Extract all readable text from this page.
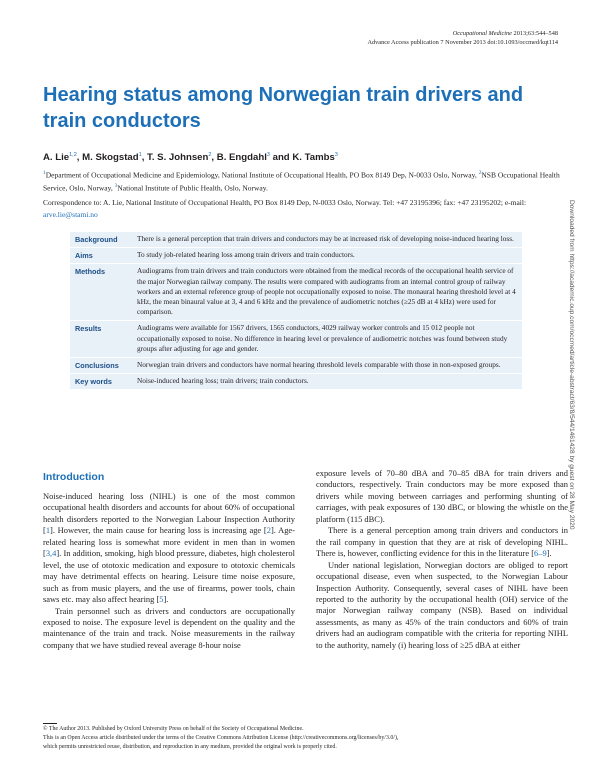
Occupational Medicine 2013;63:544–548
Advance Access publication 7 November 2013 doi:10.1093/occmed/kqt114
Hearing status among Norwegian train drivers and train conductors
A. Lie$^{1,2}$, M. Skogstad$^1$, T. S. Johnsen$^2$, B. Engdahl$^3$ and K. Tambs$^3$
$^1$Department of Occupational Medicine and Epidemiology, National Institute of Occupational Health, PO Box 8149 Dep, N-0033 Oslo, Norway, $^2$NSB Occupational Health Service, Oslo, Norway, $^3$National Institute of Public Health, Oslo, Norway.
Correspondence to: A. Lie, National Institute of Occupational Health, PO Box 8149 Dep, N-0033 Oslo, Norway. Tel: +47 23195396; fax: +47 23195202; e-mail: arve.lie@stami.no
Background	There is a general perception that train drivers and conductors may be at increased risk of developing noise-induced hearing loss.
Aims	To study job-related hearing loss among train drivers and train conductors.
Methods	Audiograms from train drivers and train conductors were obtained from the medical records of the occupational health service of the major Norwegian railway company. The results were compared with audiograms from an internal control group of railway workers and an external reference group of people not occupationally exposed to noise. The monaural hearing threshold level at 4 kHz, the mean binaural value at 3, 4 and 6 kHz and the prevalence of audiometric notches (≥25 dB at 4 kHz) were used for comparison.
Results	Audiograms were available for 1567 drivers, 1565 conductors, 4029 railway worker controls and 15 012 people not occupationally exposed to noise. No difference in hearing level or prevalence of audiometric notches was found between study groups after adjusting for age and gender.
Conclusions	Norwegian train drivers and conductors have normal hearing threshold levels comparable with those in non-exposed groups.
Key words	Noise-induced hearing loss; train drivers; train conductors.
Introduction

Noise-induced hearing loss (NIHL) is one of the most common occupational health disorders and accounts for about 60% of occupational health disorders reported to the Norwegian Labour Inspection Authority [1]. However, the main cause for hearing loss is increasing age [2]. Age-related hearing loss is somewhat more evident in men than in women [3,4]. In addition, smoking, high blood pressure, diabetes, high cholesterol level, the use of ototoxic medication and exposure to ototoxic chemicals may have detrimental effects on hearing. Leisure time noise exposure, such as from music players, and the use of firearms, power tools, chain saws etc. may also affect hearing [5].

Train personnel such as drivers and conductors are occupationally exposed to noise. The exposure level is dependent on the quality and the maintenance of the train and track. Noise measurements in the railway company that we have studied reveal average 8-hour noise

exposure levels of 70–80 dBA and 70–85 dBA for train drivers and conductors, respectively. Train conductors may be more exposed than drivers while moving between carriages and performing shunting of carriages, with peak exposures of 130 dBC, or blowing the whistle on the platform (115 dBC).

There is a general perception among train drivers and conductors in the rail company in question that they are at risk of developing NIHL. There is, however, conflicting evidence for this in the literature [6–9].

Under national legislation, Norwegian doctors are obliged to report occupational disease, even when suspected, to the Norwegian Labour Inspection Authority. Consequently, several cases of NIHL have been reported to the authority by the occupational health (OH) service of the major Norwegian railway company (NSB). Based on individual assessments, as many as 45% of the train conductors and 60% of train drivers had an audiogram compatible with the criteria for reporting NIHL to the authority, namely (i) hearing loss of ≥25 dBA at either

© The Author 2013. Published by Oxford University Press on behalf of the Society of Occupational Medicine.
This is an Open Access article distributed under the terms of the Creative Commons Attribution License (http://creativecommons.org/licenses/by/3.0/),
which permits unrestricted reuse, distribution, and reproduction in any medium, provided the original work is properly cited.
Downloaded from https://academic.oup.com/occmed/article-abstract/63/8/544/1461428 by guest on 28 May 2020
